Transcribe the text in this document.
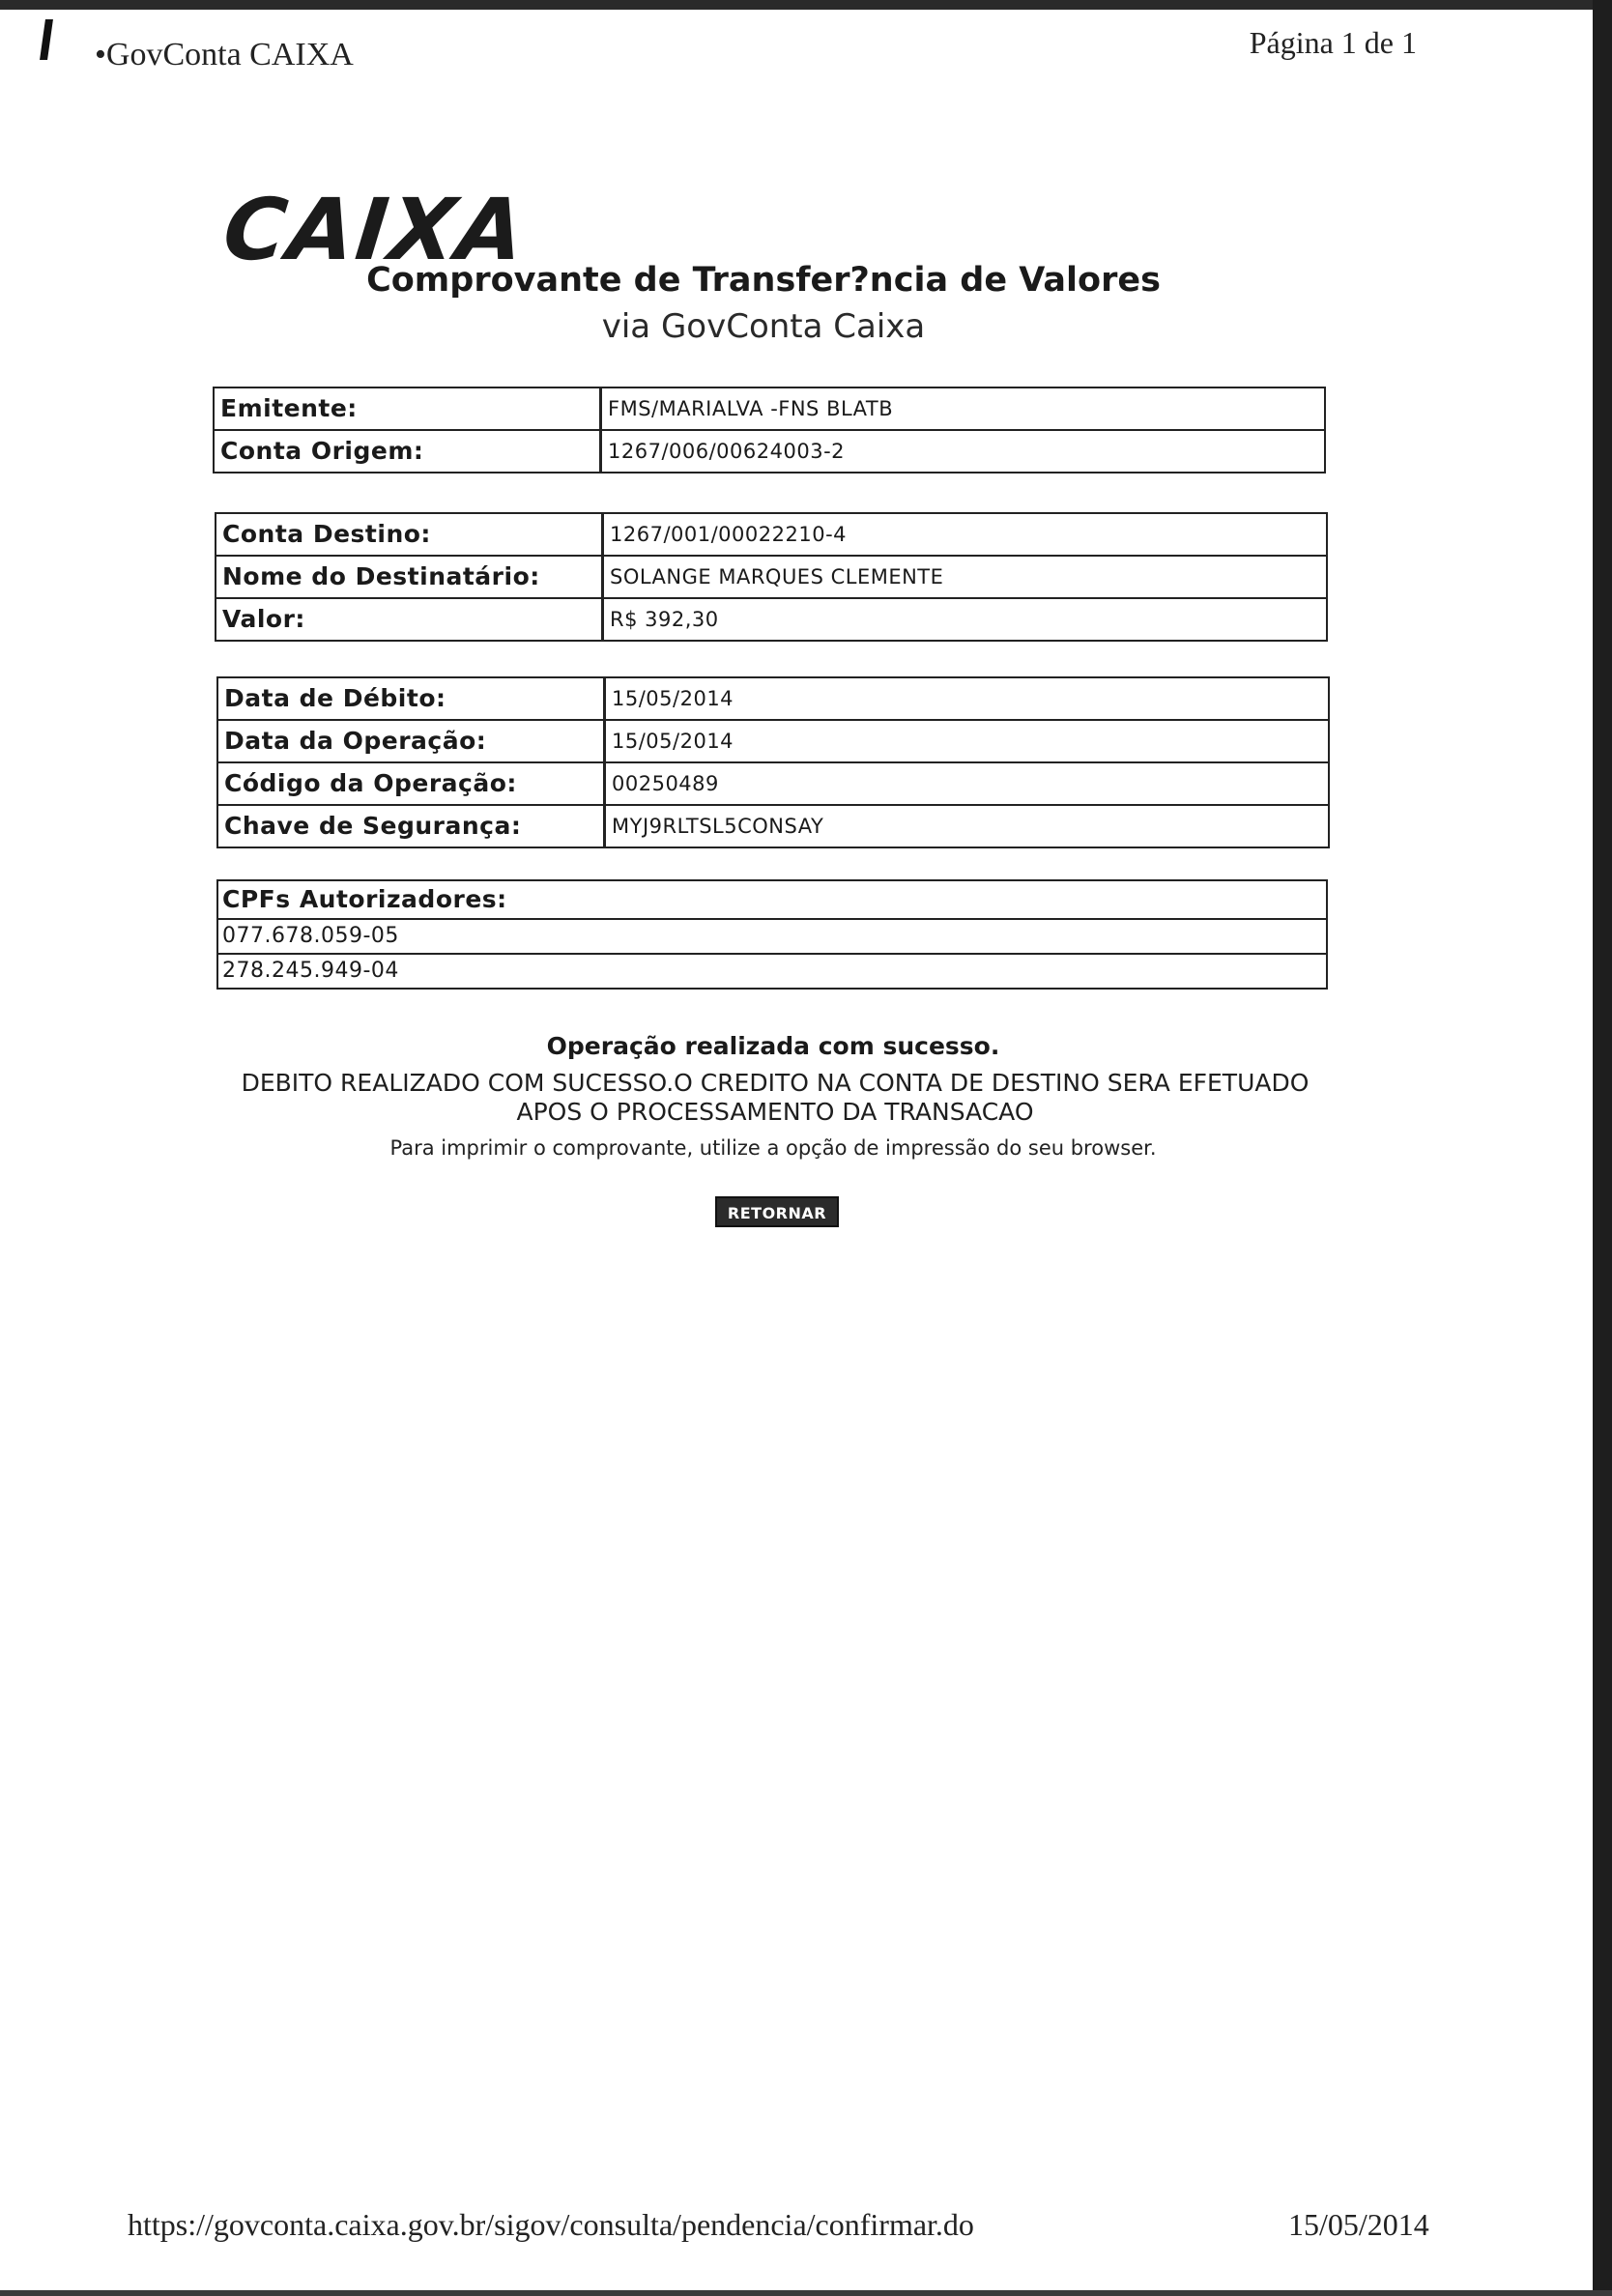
•GovConta CAIXA	Página 1 de 1
CAIXA
Comprovante de Transfer?ncia de Valores
via GovConta Caixa
Emitente:	FMS/MARIALVA -FNS BLATB
Conta Origem:	1267/006/00624003-2
Conta Destino:	1267/001/00022210-4
Nome do Destinatário:	SOLANGE MARQUES CLEMENTE
Valor:	R$ 392,30
Data de Débito:	15/05/2014
Data da Operação:	15/05/2014
Código da Operação:	00250489
Chave de Segurança:	MYJ9RLTSL5CONSAY
CPFs Autorizadores:
077.678.059-05
278.245.949-04
Operação realizada com sucesso.
DEBITO REALIZADO COM SUCESSO.O CREDITO NA CONTA DE DESTINO SERA EFETUADO APOS O PROCESSAMENTO DA TRANSACAO
Para imprimir o comprovante, utilize a opção de impressão do seu browser.
RETORNAR
https://govconta.caixa.gov.br/sigov/consulta/pendencia/confirmar.do	15/05/2014
